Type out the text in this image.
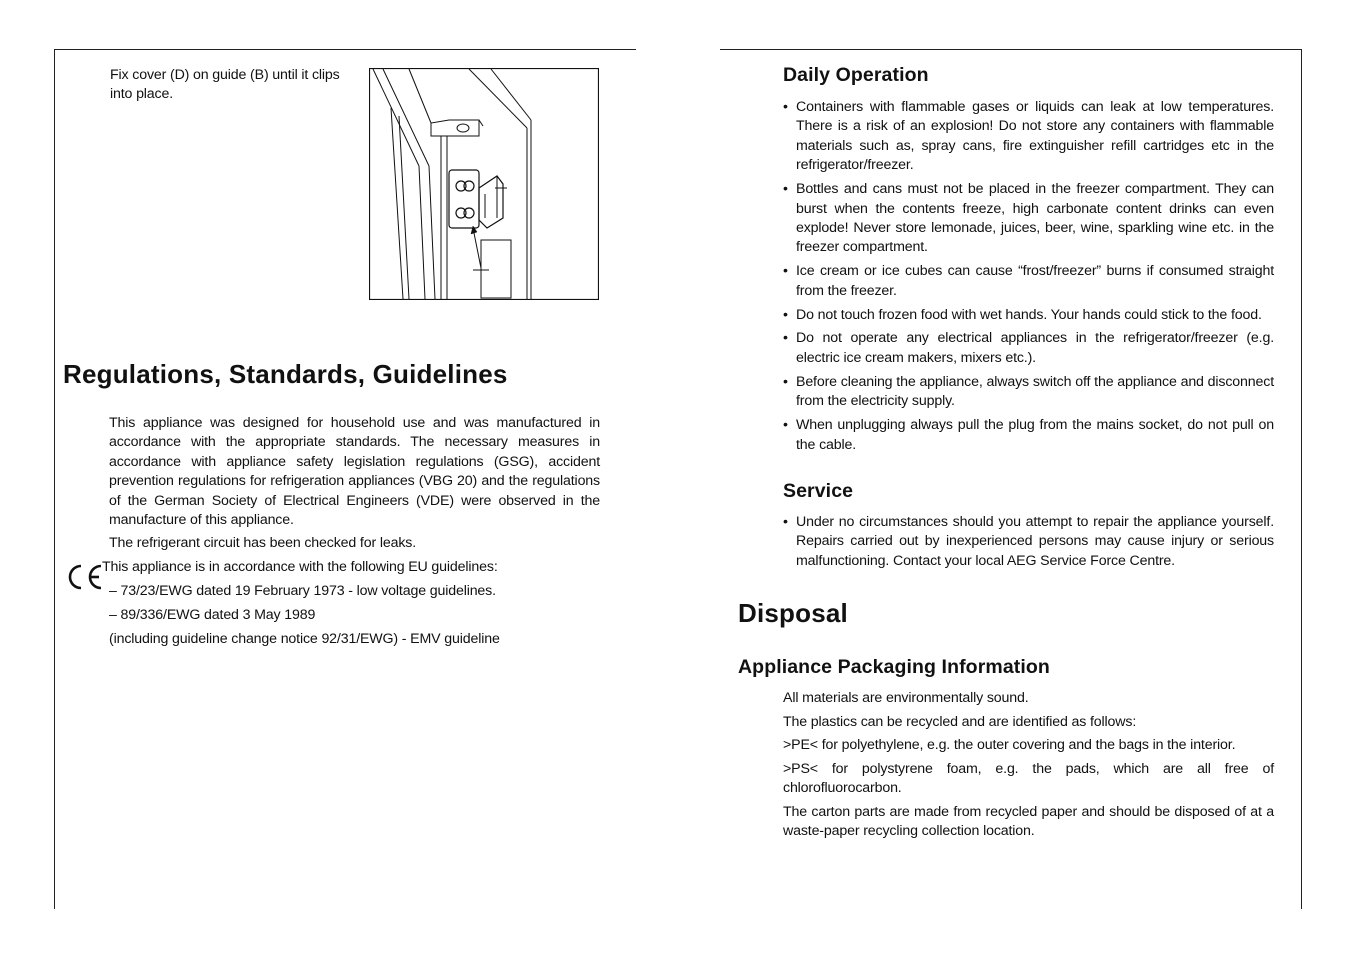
Fix cover (D) on guide (B) until it clips into place.

Regulations, Standards, Guidelines

This appliance was designed for household use and was manufactured in accordance with the appropriate standards. The necessary measures in accordance with appliance safety legislation regulations (GSG), accident prevention regulations for refrigeration appliances (VBG 20) and the regulations of the German Society of Electrical Engineers (VDE) were observed in the manufacture of this appliance.

The refrigerant circuit has been checked for leaks.

This appliance is in accordance with the following EU guidelines:

– 73/23/EWG dated 19 February 1973 - low voltage guidelines.

– 89/336/EWG dated 3 May 1989

(including guideline change notice 92/31/EWG) - EMV guideline

Daily Operation
• Containers with flammable gases or liquids can leak at low temperatures. There is a risk of an explosion! Do not store any containers with flammable materials such as, spray cans, fire extinguisher refill cartridges etc in the refrigerator/freezer.
• Bottles and cans must not be placed in the freezer compartment. They can burst when the contents freeze, high carbonate content drinks can even explode! Never store lemonade, juices, beer, wine, sparkling wine etc. in the freezer compartment.
• Ice cream or ice cubes can cause “frost/freezer” burns if consumed straight from the freezer.
• Do not touch frozen food with wet hands. Your hands could stick to the food.
• Do not operate any electrical appliances in the refrigerator/freezer (e.g. electric ice cream makers, mixers etc.).
• Before cleaning the appliance, always switch off the appliance and disconnect from the electricity supply.
• When unplugging always pull the plug from the mains socket, do not pull on the cable.
Service
• Under no circumstances should you attempt to repair the appliance yourself. Repairs carried out by inexperienced persons may cause injury or serious malfunctioning. Contact your local AEG Service Force Centre.
Disposal
Appliance Packaging Information

All materials are environmentally sound.

The plastics can be recycled and are identified as follows:

>PE< for polyethylene, e.g. the outer covering and the bags in the interior.

>PS< for polystyrene foam, e.g. the pads, which are all free of chlorofluorocarbon.

The carton parts are made from recycled paper and should be disposed of at a waste-paper recycling collection location.
